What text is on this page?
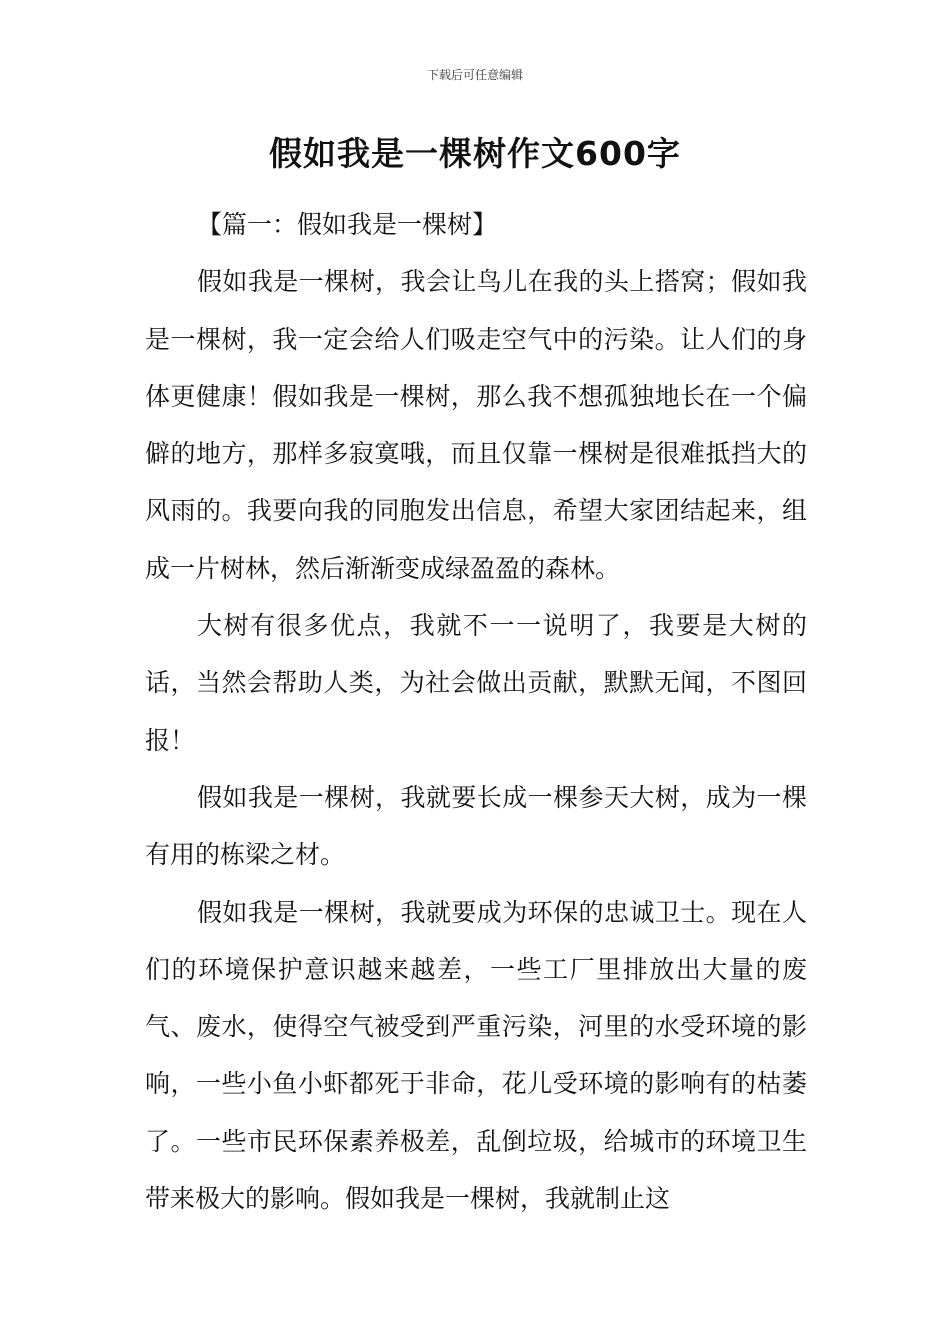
下载后可任意编辑
假如我是一棵树作文600字

【篇一：假如我是一棵树】

假如我是一棵树，我会让鸟儿在我的头上搭窝；假如我是一棵树，我一定会给人们吸走空气中的污染。让人们的身体更健康！假如我是一棵树，那么我不想孤独地长在一个偏僻的地方，那样多寂寞哦，而且仅靠一棵树是很难抵挡大的风雨的。我要向我的同胞发出信息，希望大家团结起来，组成一片树林，然后渐渐变成绿盈盈的森林。

大树有很多优点，我就不一一说明了，我要是大树的话，当然会帮助人类，为社会做出贡献，默默无闻，不图回报！

假如我是一棵树，我就要长成一棵参天大树，成为一棵有用的栋梁之材。

假如我是一棵树，我就要成为环保的忠诚卫士。现在人们的环境保护意识越来越差，一些工厂里排放出大量的废气、废水，使得空气被受到严重污染，河里的水受环境的影响，一些小鱼小虾都死于非命，花儿受环境的影响有的枯萎了。一些市民环保素养极差，乱倒垃圾，给城市的环境卫生带来极大的影响。假如我是一棵树，我就制止这
